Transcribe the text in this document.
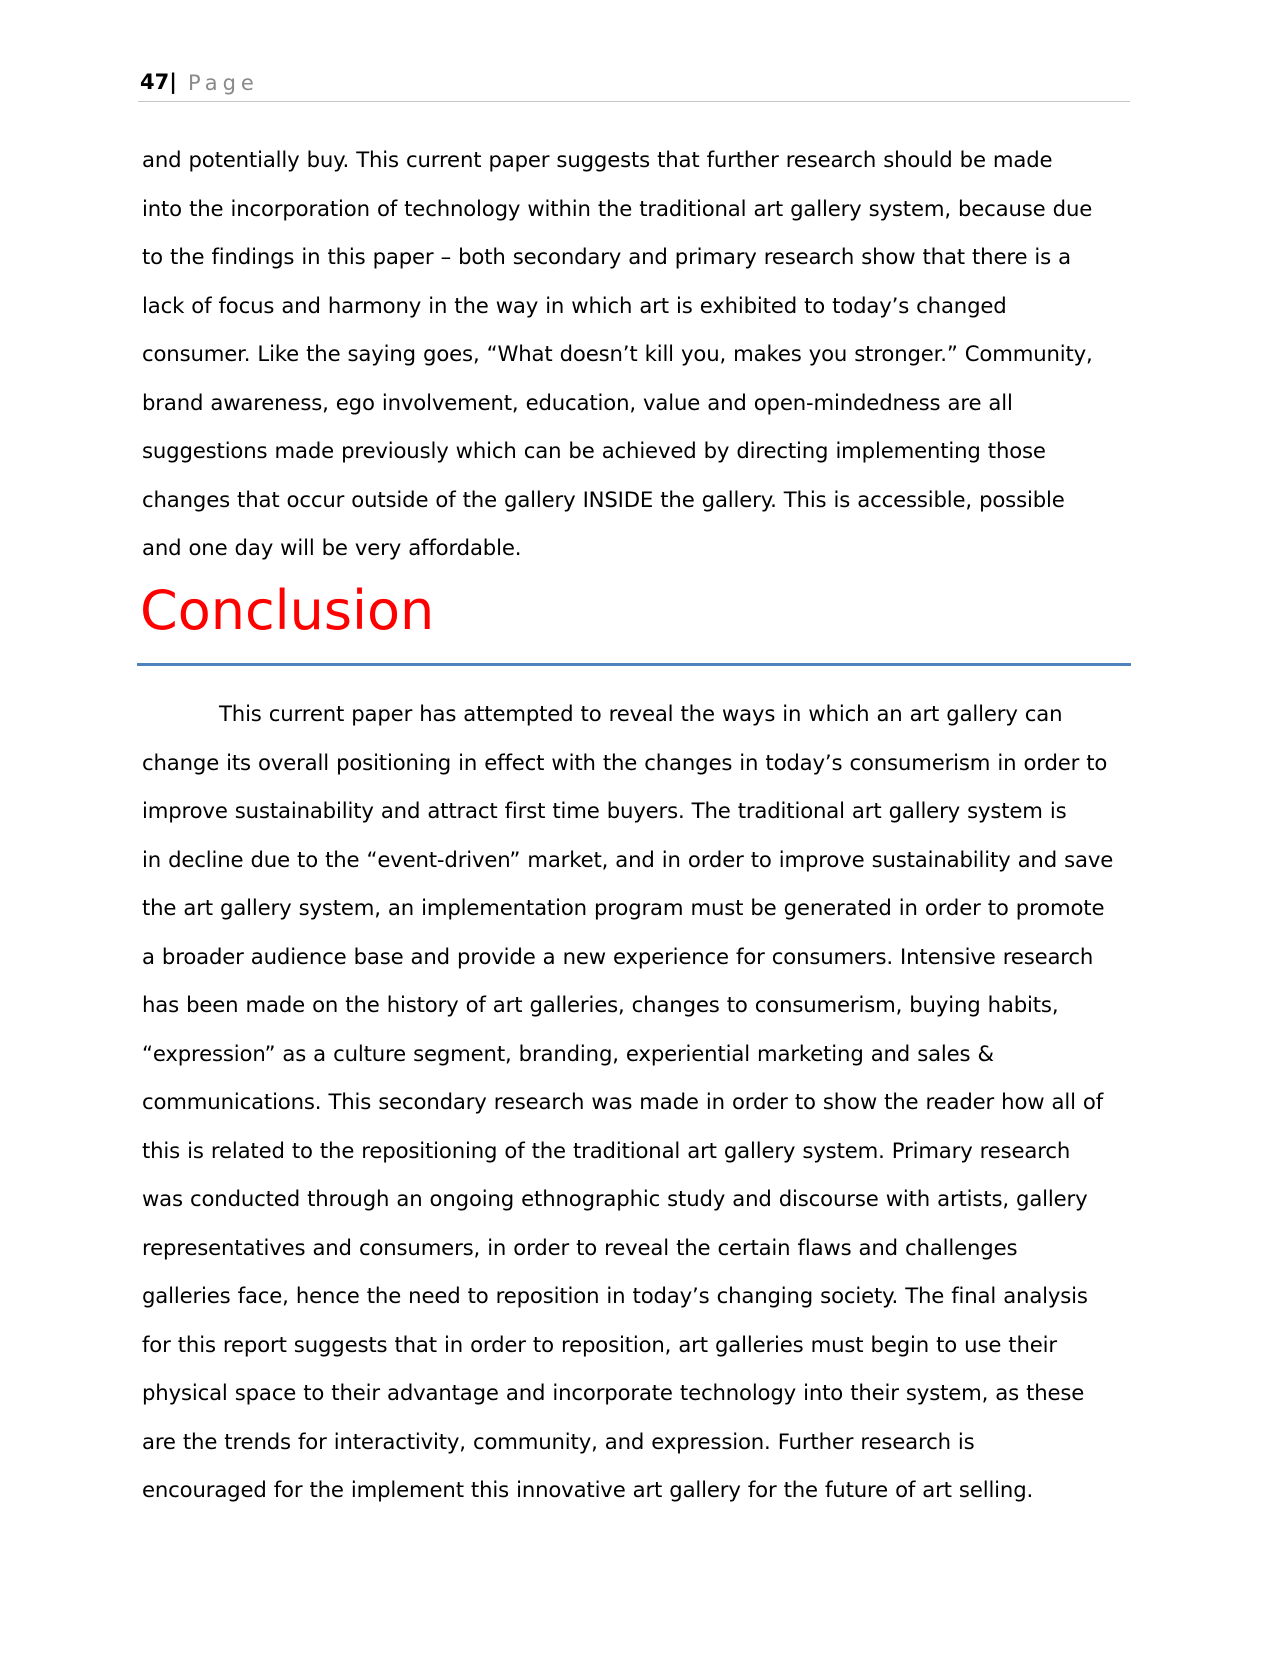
47| Page

and potentially buy. This current paper suggests that further research should be made
into the incorporation of technology within the traditional art gallery system, because due
to the findings in this paper – both secondary and primary research show that there is a
lack of focus and harmony in the way in which art is exhibited to today’s changed
consumer. Like the saying goes, “What doesn’t kill you, makes you stronger.” Community,
brand awareness, ego involvement, education, value and open-mindedness are all
suggestions made previously which can be achieved by directing implementing those
changes that occur outside of the gallery INSIDE the gallery. This is accessible, possible
and one day will be very affordable.

Conclusion

This current paper has attempted to reveal the ways in which an art gallery can
change its overall positioning in effect with the changes in today’s consumerism in order to
improve sustainability and attract first time buyers. The traditional art gallery system is
in decline due to the “event-driven” market, and in order to improve sustainability and save
the art gallery system, an implementation program must be generated in order to promote
a broader audience base and provide a new experience for consumers. Intensive research
has been made on the history of art galleries, changes to consumerism, buying habits,
“expression” as a culture segment, branding, experiential marketing and sales &
communications. This secondary research was made in order to show the reader how all of
this is related to the repositioning of the traditional art gallery system. Primary research
was conducted through an ongoing ethnographic study and discourse with artists, gallery
representatives and consumers, in order to reveal the certain flaws and challenges
galleries face, hence the need to reposition in today’s changing society. The final analysis
for this report suggests that in order to reposition, art galleries must begin to use their
physical space to their advantage and incorporate technology into their system, as these
are the trends for interactivity, community, and expression. Further research is
encouraged for the implement this innovative art gallery for the future of art selling.
